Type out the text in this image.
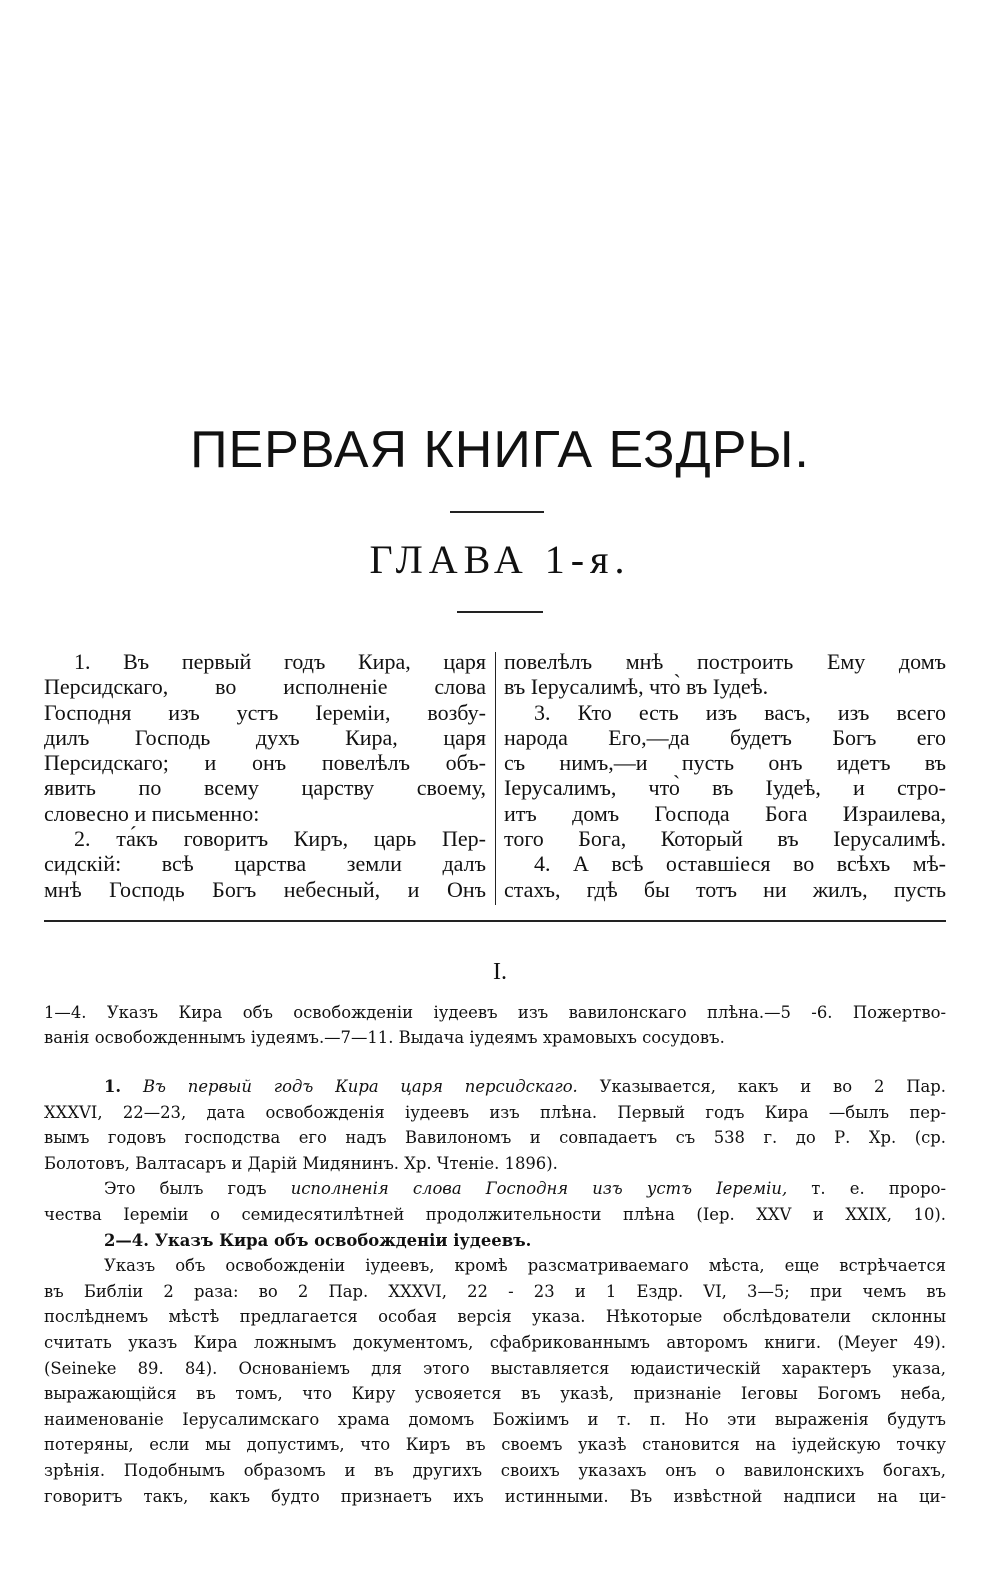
ПЕРВАЯ КНИГА ЕЗДРЫ.
ГЛАВА 1-я.
1. Въ первый годъ Кира, царя
Персидскаго, во исполненіе слова
Господня изъ устъ Іереміи, возбу-
дилъ Господь духъ Кира, царя
Персидскаго; и онъ повелѣлъ объ-
явить по всему царству своему,
словесно и письменно:
2. та́къ говоритъ Киръ, царь Пер-
сидскій: всѣ царства земли далъ
мнѣ Господь Богъ небесный, и Онъ
повелѣлъ мнѣ построить Ему домъ
въ Іерусалимѣ, что̀ въ Іудеѣ.
3. Кто есть изъ васъ, изъ всего
народа Его,—да будетъ Богъ его
съ нимъ,—и пусть онъ идетъ въ
Іерусалимъ, что̀ въ Іудеѣ, и стро-
итъ домъ Господа Бога Израилева,
того Бога, Который въ Іерусалимѣ.
4. А всѣ оставшіеся во всѣхъ мѣ-
стахъ, гдѣ бы тотъ ни жилъ, пусть
I.
1—4. Указъ Кира объ освобожденіи іудеевъ изъ вавилонскаго плѣна.—5 -6. Пожертво-
ванія освобожденнымъ іудеямъ.—7—11. Выдача іудеямъ храмовыхъ сосудовъ.
1. Въ первый годъ Кира царя персидскаго. Указывается, какъ и во 2 Пар.
XXXVI, 22—23, дата освобожденія іудеевъ изъ плѣна. Первый годъ Кира —былъ пер-
вымъ годовъ господства его надъ Вавилономъ и совпадаетъ съ 538 г. до Р. Хр. (ср.
Болотовъ, Валтасаръ и Дарій Мидянинъ. Хр. Чтеніе. 1896).
Это былъ годъ исполненія слова Господня изъ устъ Іереміи, т. е. проро-
чества Іереміи о семидесятилѣтней продолжительности плѣна (Іер. XXV и XXIX, 10).
2—4. Указъ Кира объ освобожденіи іудеевъ.
Указъ объ освобожденіи іудеевъ, кромѣ разсматриваемаго мѣста, еще встрѣчается
въ Библіи 2 раза: во 2 Пар. XXXVI, 22 - 23 и 1 Ездр. VI, 3—5; при чемъ въ
послѣднемъ мѣстѣ предлагается особая версія указа. Нѣкоторые обслѣдователи склонны
считать указъ Кира ложнымъ документомъ, сфабрикованнымъ авторомъ книги. (Meyer 49).
(Seineke 89. 84). Основаніемъ для этого выставляется юдаистическій характеръ указа,
выражающійся въ томъ, что Киру усвояется въ указѣ, признаніе Іеговы Богомъ неба,
наименованіе Іерусалимскаго храма домомъ Божіимъ и т. п. Но эти выраженія будутъ
потеряны, если мы допустимъ, что Киръ въ своемъ указѣ становится на іудейскую точку
зрѣнія. Подобнымъ образомъ и въ другихъ своихъ указахъ онъ о вавилонскихъ богахъ,
говоритъ такъ, какъ будто признаетъ ихъ истинными. Въ извѣстной надписи на ци-
